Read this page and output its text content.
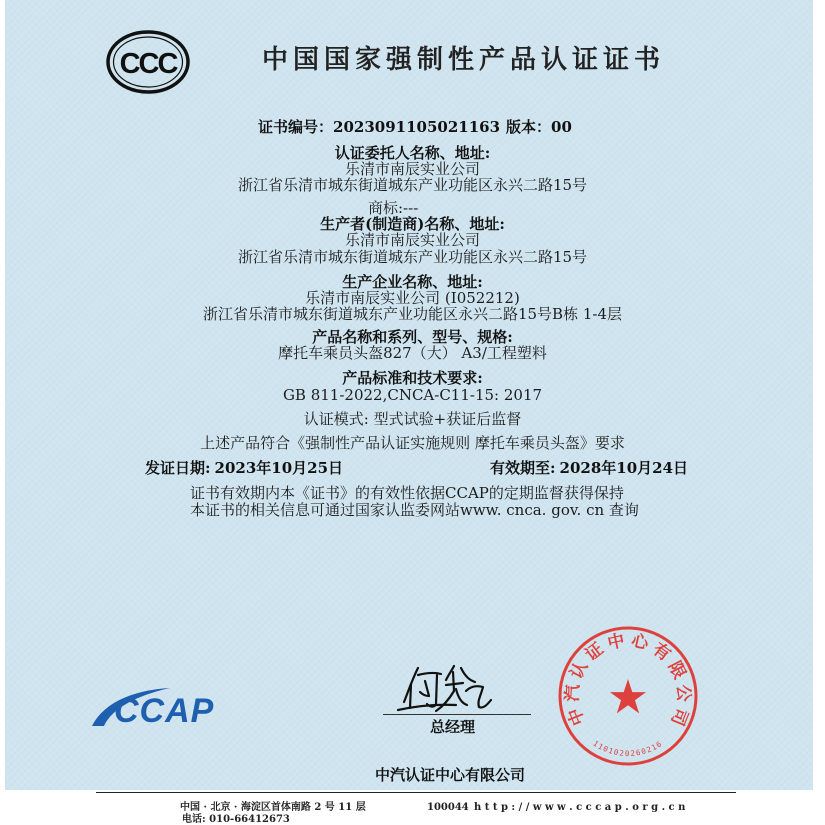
CCC	中国国家强制性产品认证证书
证书编号：2023091105021163 版本：00
认证委托人名称、地址:
乐清市南辰实业公司
浙江省乐清市城东街道城东产业功能区永兴二路15号
商标:---
生产者(制造商)名称、地址:
乐清市南辰实业公司
浙江省乐清市城东街道城东产业功能区永兴二路15号
生产企业名称、地址:
乐清市南辰实业公司 (I052212)
浙江省乐清市城东街道城东产业功能区永兴二路15号B栋 1-4层
产品名称和系列、型号、规格:
摩托车乘员头盔827（大） A3/工程塑料
产品标准和技术要求:
GB 811-2022,CNCA-C11-15: 2017
认证模式: 型式试验+获证后监督
上述产品符合《强制性产品认证实施规则 摩托车乘员头盔》要求
发证日期: 2023年10月25日	有效期至: 2028年10月24日
证书有效期内本《证书》的有效性依据CCAP的定期监督获得保持
本证书的相关信息可通过国家认监委网站www. cnca. gov. cn 查询
CCAP	总经理	中汽认证中心有限公司
1101020260216
中汽认证中心有限公司
中国 · 北京 · 海淀区首体南路 2 号 11 层	100044 h t t p : / / w w w . c c c a p . o r g . c n
电话: 010-66412673
